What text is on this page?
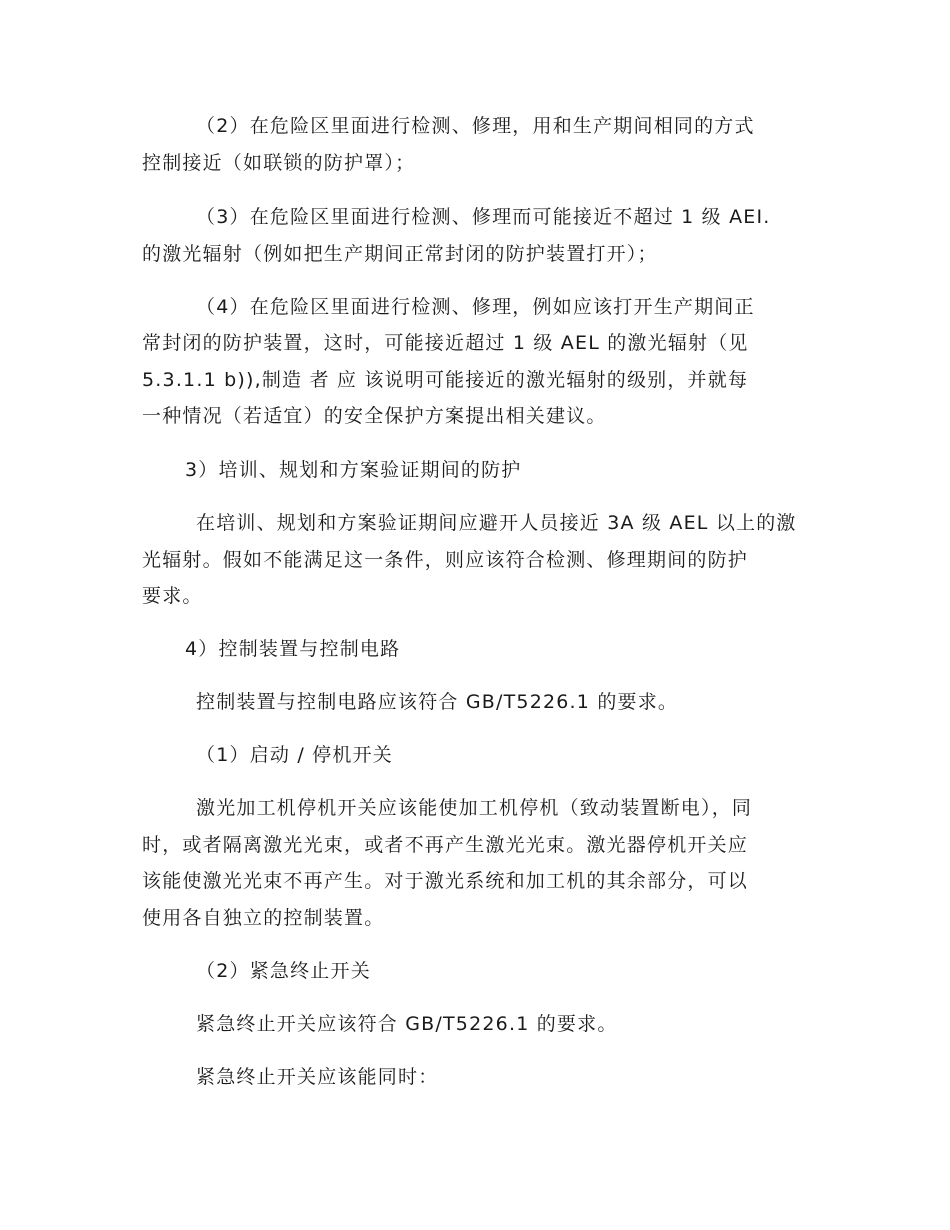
（2）在危险区里面进行检测、修理，用和生产期间相同的方式
控制接近（如联锁的防护罩）；
（3）在危险区里面进行检测、修理而可能接近不超过 1 级 AEI.
的激光辐射（例如把生产期间正常封闭的防护装置打开）；
（4）在危险区里面进行检测、修理，例如应该打开生产期间正
常封闭的防护装置，这时，可能接近超过 1 级 AEL 的激光辐射（见
5.3.1.1 b)),制造 者 应 该说明可能接近的激光辐射的级别，并就每
一种情况（若适宜）的安全保护方案提出相关建议。
3）培训、规划和方案验证期间的防护
在培训、规划和方案验证期间应避开人员接近 3A 级 AEL 以上的激
光辐射。假如不能满足这一条件，则应该符合检测、修理期间的防护
要求。
4）控制装置与控制电路
控制装置与控制电路应该符合 GB/T5226.1 的要求。
（1）启动 / 停机开关
激光加工机停机开关应该能使加工机停机（致动装置断电），同
时，或者隔离激光光束，或者不再产生激光光束。激光器停机开关应
该能使激光光束不再产生。对于激光系统和加工机的其余部分，可以
使用各自独立的控制装置。
（2）紧急终止开关
紧急终止开关应该符合 GB/T5226.1 的要求。
紧急终止开关应该能同时：
